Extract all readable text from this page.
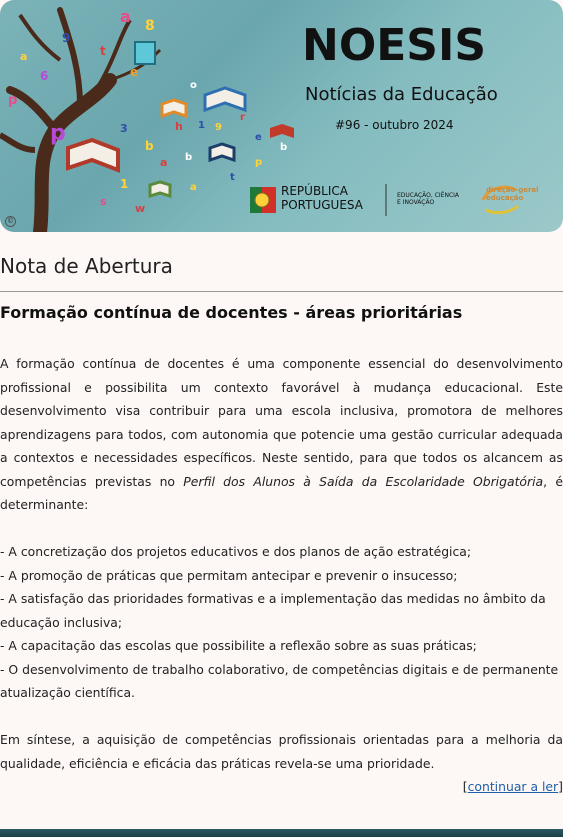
a 8
9
t
a
6	e
p
p	3
b
h
o
1 9
r
e
a b
1
s
a
t
p
b
w
NOESIS
Notícias da Educação
#96 - outubro 2024
REPÚBLICA
PORTUGUESA
EDUCAÇÃO, CIÊNCIA
E INOVAÇÃO
direção-geral
educação
©
Nota de Abertura
Formação contínua de docentes - áreas prioritárias

A formação contínua de docentes é uma componente essencial do desenvolvimento profissional e possibilita um contexto favorável à mudança educacional. Este desenvolvimento visa contribuir para uma escola inclusiva, promotora de melhores aprendizagens para todos, com autonomia que potencie uma gestão curricular adequada a contextos e necessidades específicos. Neste sentido, para que todos os alcancem as competências previstas no Perfil dos Alunos à Saída da Escolaridade Obrigatória, é determinante:

- A concretização dos projetos educativos e dos planos de ação estratégica;

- A promoção de práticas que permitam antecipar e prevenir o insucesso;

- A satisfação das prioridades formativas e a implementação das medidas no âmbito da educação inclusiva;

- A capacitação das escolas que possibilite a reflexão sobre as suas práticas;

- O desenvolvimento de trabalho colaborativo, de competências digitais e de permanente atualização científica.

Em síntese, a aquisição de competências profissionais orientadas para a melhoria da qualidade, eficiência e eficácia das práticas revela-se uma prioridade.

[continuar a ler]
